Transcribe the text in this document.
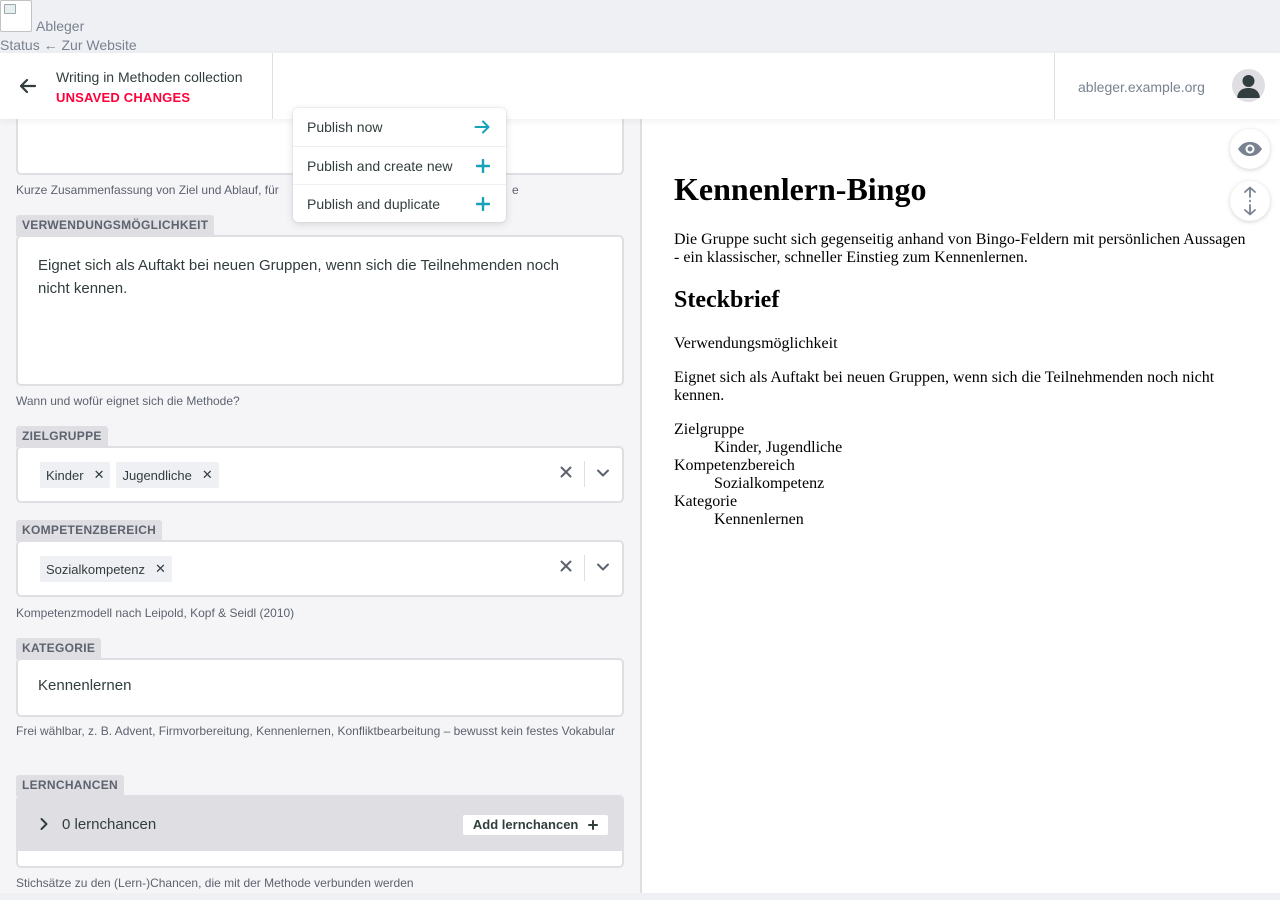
Ableger
Status ← Zur Website
Writing in Methoden collection
UNSAVED CHANGES
ableger.example.org
Publish now
Publish and create new
Publish and duplicate
Kurze Zusammenfassung von Ziel und Ablauf, für	e
VERWENDUNGSMÖGLICHKEIT
Eignet sich als Auftakt bei neuen Gruppen, wenn sich die Teilnehmenden noch nicht kennen.
Wann und wofür eignet sich die Methode?
ZIELGRUPPE
Kinder ✕ Jugendliche ✕
KOMPETENZBEREICH
Sozialkompetenz ✕
Kompetenzmodell nach Leipold, Kopf & Seidl (2010)
KATEGORIE
Kennenlernen
Frei wählbar, z. B. Advent, Firmvorbereitung, Kennenlernen, Konfliktbearbeitung – bewusst kein festes Vokabular
LERNCHANCEN
0 lernchancen	Add lernchancen
Stichsätze zu den (Lern-)Chancen, die mit der Methode verbunden werden
Kennenlern-Bingo
Die Gruppe sucht sich gegenseitig anhand von Bingo-Feldern mit persönlichen Aussagen - ein klassischer, schneller Einstieg zum Kennenlernen.
Steckbrief
Verwendungsmöglichkeit
Eignet sich als Auftakt bei neuen Gruppen, wenn sich die Teilnehmenden noch nicht kennen.
Zielgruppe
Kinder, Jugendliche
Kompetenzbereich
Sozialkompetenz
Kategorie
Kennenlernen
